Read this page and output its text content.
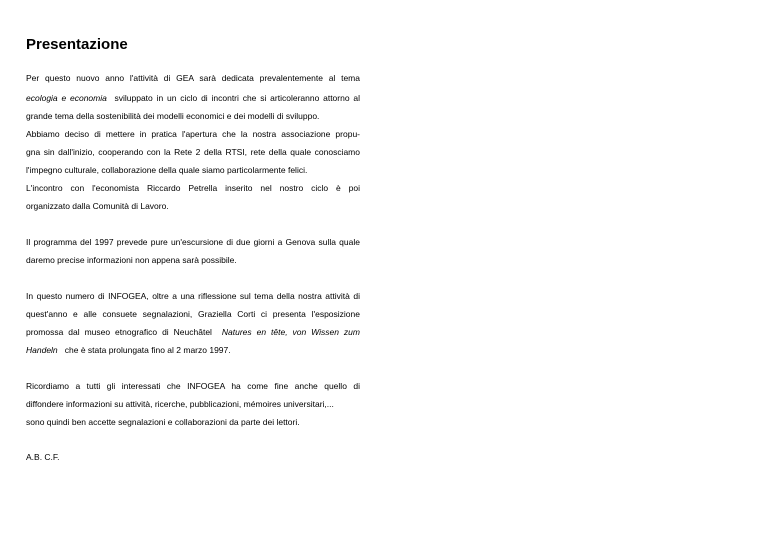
Presentazione
Per questo nuovo anno l'attività di GEA sarà dedicata prevalentemente al tema
ecologia e economia sviluppato in un ciclo di incontri che si articoleranno attorno al
grande tema della sostenibilità dei modelli economici e dei modelli di sviluppo.
Abbiamo deciso di mettere in pratica l'apertura che la nostra associazione propu-
gna sin dall'inizio, cooperando con la Rete 2 della RTSI, rete della quale conosciamo
l'impegno culturale, collaborazione della quale siamo particolarmente felici.
L'incontro con l'economista Riccardo Petrella inserito nel nostro ciclo è poi
organizzato dalla Comunità di Lavoro.
Il programma del 1997 prevede pure un'escursione di due giorni a Genova sulla quale
daremo precise informazioni non appena sarà possibile.
In questo numero di INFOGEA, oltre a una riflessione sul tema della nostra attività di
quest'anno e alle consuete segnalazioni, Graziella Corti ci presenta l'esposizione
promossa dal museo etnografico di Neuchâtel Natures en tête, von Wissen zum
Handeln che è stata prolungata fino al 2 marzo 1997.
Ricordiamo a tutti gli interessati che INFOGEA ha come fine anche quello di
diffondere informazioni su attività, ricerche, pubblicazioni, mémoires universitari,...
sono quindi ben accette segnalazioni e collaborazioni da parte dei lettori.
A.B. C.F.
